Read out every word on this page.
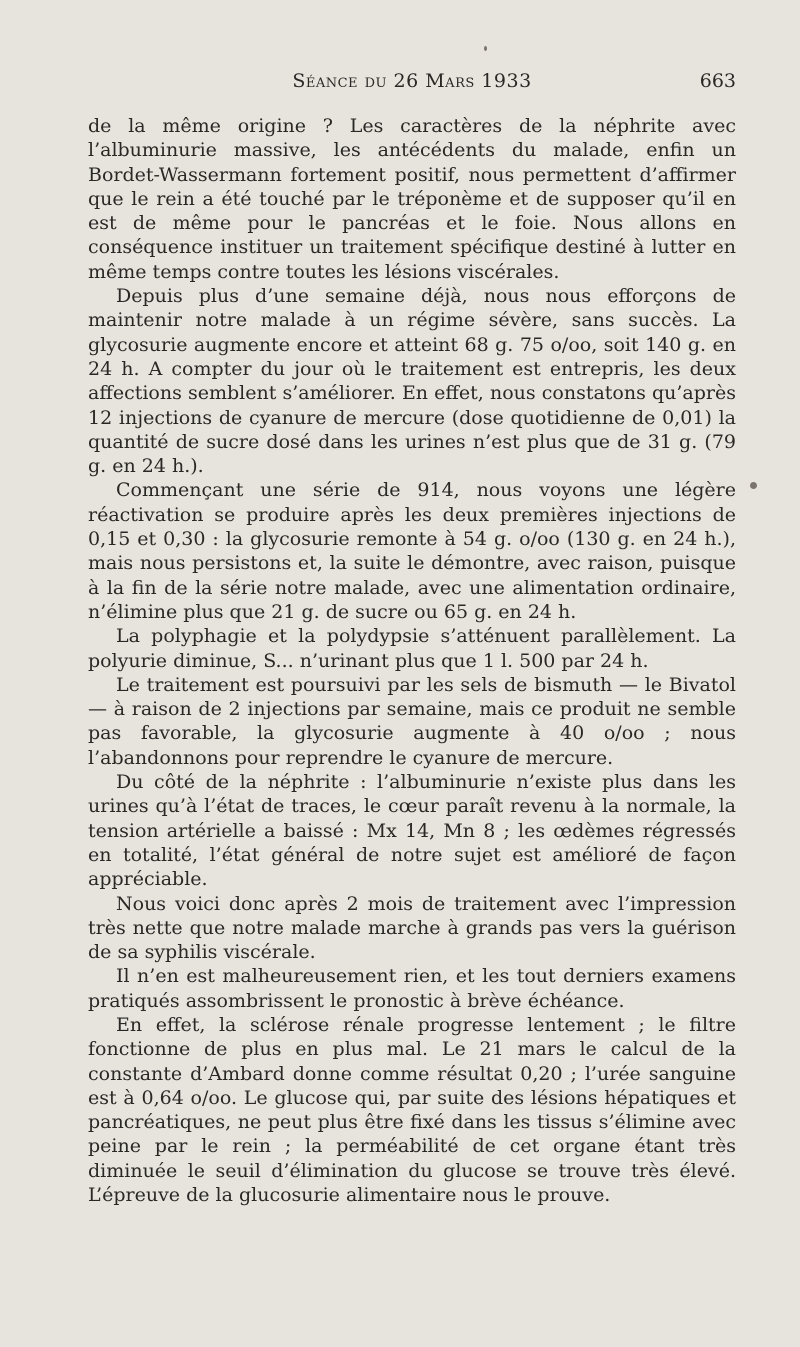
Séance du 26 Mars 1933	663

de la même origine ? Les caractères de la néphrite avec l’albuminurie massive, les antécédents du malade, enfin un Bordet-Wassermann fortement positif, nous permettent d’affirmer que le rein a été touché par le tréponème et de supposer qu’il en est de même pour le pancréas et le foie. Nous allons en conséquence instituer un traitement spécifique destiné à lutter en même temps contre toutes les lésions viscérales.

Depuis plus d’une semaine déjà, nous nous efforçons de maintenir notre malade à un régime sévère, sans succès. La glycosurie augmente encore et atteint 68 g. 75 o/oo, soit 140 g. en 24 h. A compter du jour où le traitement est entrepris, les deux affections semblent s’améliorer. En effet, nous constatons qu’après 12 injections de cyanure de mercure (dose quotidienne de 0,01) la quantité de sucre dosé dans les urines n’est plus que de 31 g. (79 g. en 24 h.).

Commençant une série de 914, nous voyons une légère réactivation se produire après les deux premières injections de 0,15 et 0,30 : la glycosurie remonte à 54 g. o/oo (130 g. en 24 h.), mais nous persistons et, la suite le démontre, avec raison, puisque à la fin de la série notre malade, avec une alimentation ordinaire, n’élimine plus que 21 g. de sucre ou 65 g. en 24 h.

La polyphagie et la polydypsie s’atténuent parallèlement. La polyurie diminue, S... n’urinant plus que 1 l. 500 par 24 h.

Le traitement est poursuivi par les sels de bismuth — le Bivatol — à raison de 2 injections par semaine, mais ce produit ne semble pas favorable, la glycosurie augmente à 40 o/oo ; nous l’abandonnons pour reprendre le cyanure de mercure.

Du côté de la néphrite : l’albuminurie n’existe plus dans les urines qu’à l’état de traces, le cœur paraît revenu à la normale, la tension artérielle a baissé : Mx 14, Mn 8 ; les œdèmes régressés en totalité, l’état général de notre sujet est amélioré de façon appréciable.

Nous voici donc après 2 mois de traitement avec l’impression très nette que notre malade marche à grands pas vers la guérison de sa syphilis viscérale.

Il n’en est malheureusement rien, et les tout derniers examens pratiqués assombrissent le pronostic à brève échéance.

En effet, la sclérose rénale progresse lentement ; le filtre fonctionne de plus en plus mal. Le 21 mars le calcul de la constante d’Ambard donne comme résultat 0,20 ; l’urée sanguine est à 0,64 o/oo. Le glucose qui, par suite des lésions hépatiques et pancréatiques, ne peut plus être fixé dans les tissus s’élimine avec peine par le rein ; la perméabilité de cet organe étant très diminuée le seuil d’élimination du glucose se trouve très élevé. L’épreuve de la glucosurie alimentaire nous le prouve.
